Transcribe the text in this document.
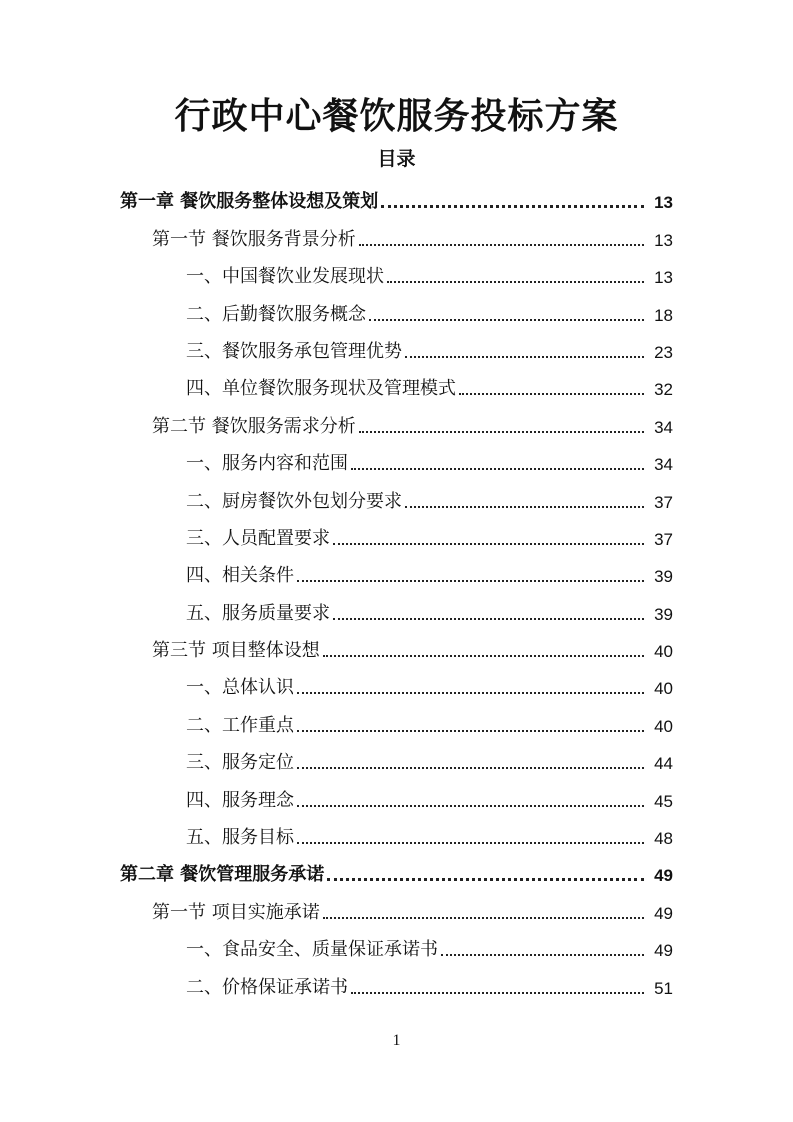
行政中心餐饮服务投标方案
目录
第一章 餐饮服务整体设想及策划	13
第一节 餐饮服务背景分析	13
一、中国餐饮业发展现状	13
二、后勤餐饮服务概念	18
三、餐饮服务承包管理优势	23
四、单位餐饮服务现状及管理模式	32
第二节 餐饮服务需求分析	34
一、服务内容和范围	34
二、厨房餐饮外包划分要求	37
三、人员配置要求	37
四、相关条件	39
五、服务质量要求	39
第三节 项目整体设想	40
一、总体认识	40
二、工作重点	40
三、服务定位	44
四、服务理念	45
五、服务目标	48
第二章 餐饮管理服务承诺	49
第一节 项目实施承诺	49
一、食品安全、质量保证承诺书	49
二、价格保证承诺书	51
1
